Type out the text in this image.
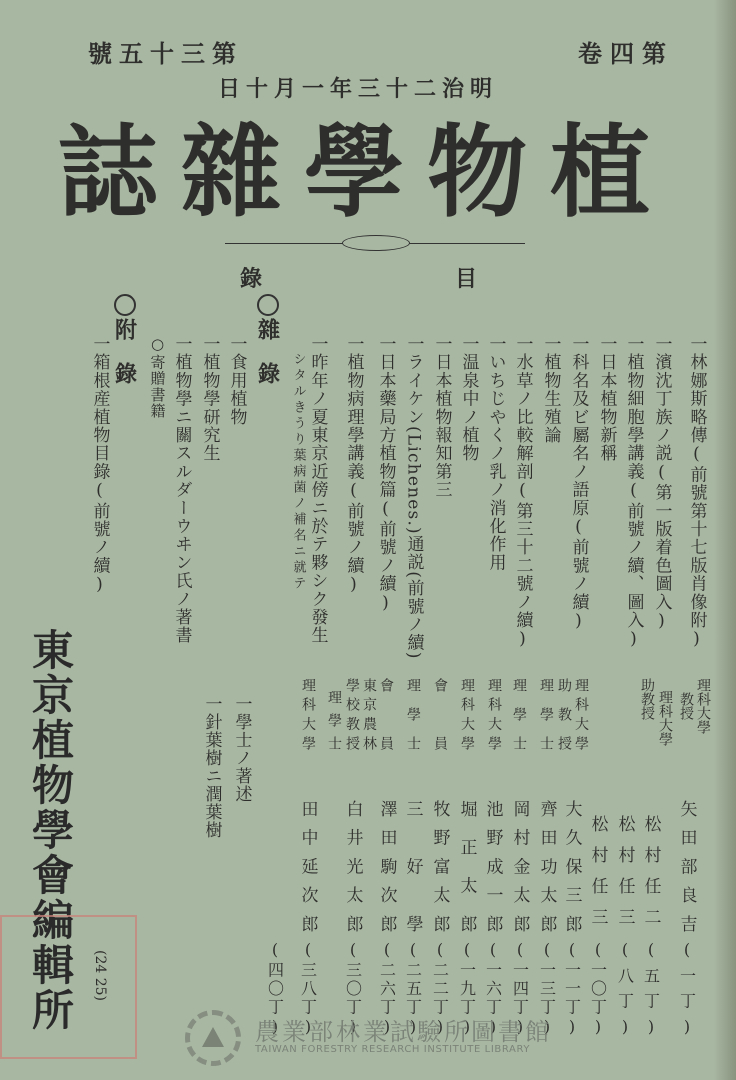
第四卷
第三十五號
明治二十三年一月十日
植物學雜誌
目
錄
一林娜斯略傳(前號第十七版肖像附)
一濱沈丁族ノ説(第一版着色圖入)
一植物細胞學講義(前號ノ續、圖入)
一日本植物新稱
一科名及ビ屬名ノ語原(前號ノ續)
一植物生殖論
一水草ノ比較解剖(第三十二號ノ續)
一いちじやくノ乳ノ消化作用
一温泉中ノ植物
一日本植物報知第三
一ライケン(Lichenes.)通説(前號ノ續)
一日本藥局方植物篇(前號ノ續)
一植物病理學講義(前號ノ續)
一昨年ノ夏東京近傍ニ於テ夥シク發生
シタルきうり葉病菌ノ補名ニ就テ
雜錄
一食用植物
一植物學研究生
一植物學ニ關スルダーウヰン氏ノ著書
○寄贈書籍
一學士ノ著述
一針葉樹ニ潤葉樹
附錄
一箱根産植物目錄(前號ノ續)
理科大學
教授
理科大學
助教授
理科大學
助教授
理學士
理學士
理科大學
理科大學
會員
理學士
會員
東京農林
學校教授
理學士
理科大學
矢田部良吉
松村任二
松村任三
松村任三
大久保三郎
齊田功太郎
岡村金太郎
池野成一郎
堀正太郎
牧野富太郎
三好學
澤田駒次郎
白井光太郎
田中延次郎
(一丁)
(五丁)
(八丁)
(一〇丁)
(一一丁)
(一三丁)
(一四丁)
(一六丁)
(一九丁)
(二二丁)
(二五丁)
(二六丁)
(三〇丁)
(三八丁)
(四〇丁)
東京植物學會編輯所	(24 25)
農業部林業試驗所圖書館
TAIWAN FORESTRY RESEARCH INSTITUTE LIBRARY
